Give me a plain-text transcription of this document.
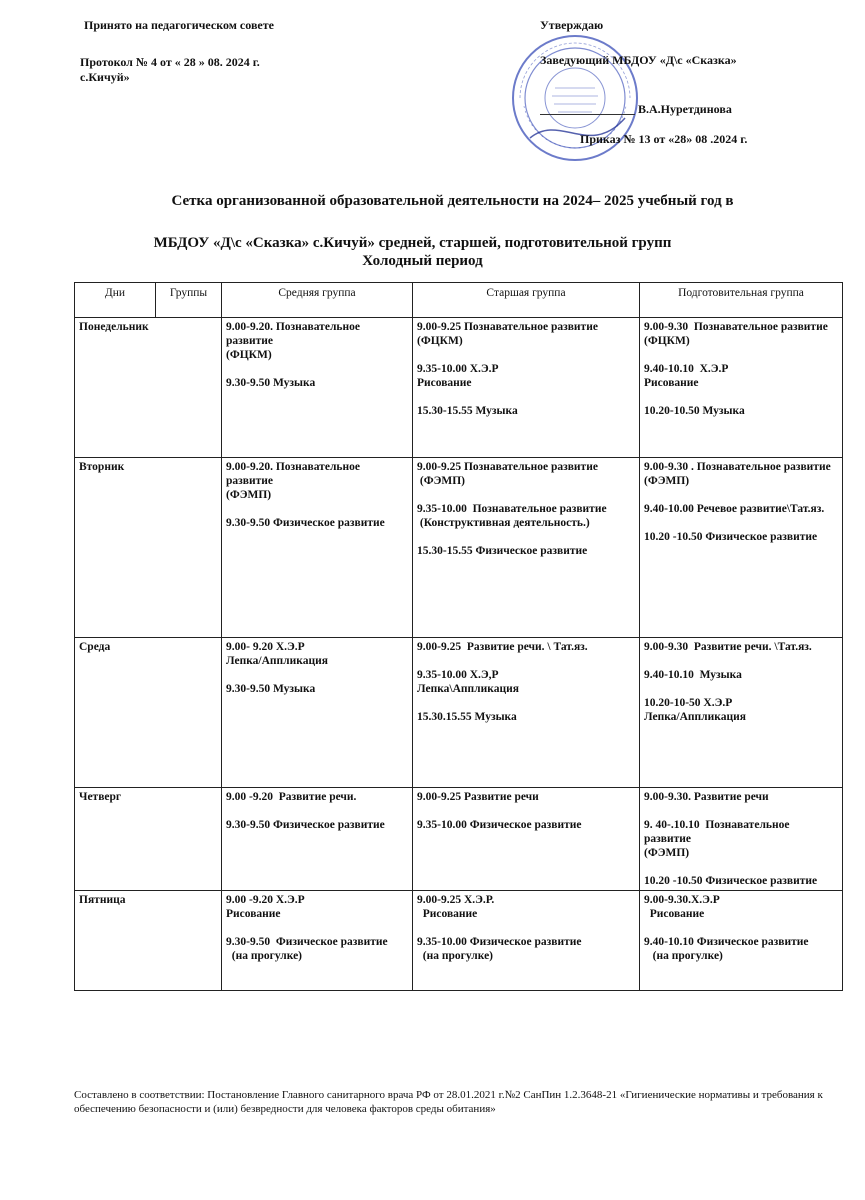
Принято на педагогическом совете
Протокол № 4 от « 28 » 08. 2024 г.
с.Кичуй»
Утверждаю
Заведующий МБДОУ «Д\с «Сказка»
В.А.Нуретдинова
Приказ № 13 от «28» 08 .2024 г.
Сетка организованной образовательной деятельности на 2024– 2025 учебный год в
МБДОУ «Д\с «Сказка» с.Кичуй» средней, старшей, подготовительной групп
Холодный период
Дни	Группы	Средняя группа	Старшая группа	Подготовительная группа
Понедельник		9.00-9.20. Познавательное развитие
(ФЦКМ)
9.30-9.50 Музыка	9.00-9.25 Познавательное развитие
(ФЦКМ)
9.35-10.00 Х.Э.Р
Рисование
15.30-15.55 Музыка	9.00-9.30  Познавательное развитие
(ФЦКМ)
9.40-10.10  Х.Э.Р
Рисование
10.20-10.50 Музыка

Вторник		9.00-9.20. Познавательное развитие
(ФЭМП)
9.30-9.50 Физическое развитие	9.00-9.25 Познавательное развитие
(ФЭМП)
9.35-10.00  Познавательное развитие
(Конструктивная деятельность.)
15.30-15.55 Физическое развитие	9.00-9.30 . Познавательное развитие
(ФЭМП)
9.40-10.00 Речевое развитие\Тат.яз.
10.20 -10.50 Физическое развитие

Среда		9.00- 9.20 Х.Э.Р
Лепка/Аппликация
9.30-9.50 Музыка	9.00-9.25  Развитие речи. \ Тат.яз.
9.35-10.00 Х.Э,Р
Лепка\Аппликация
15.30.15.55 Музыка	9.00-9.30  Развитие речи. \Тат.яз.
9.40-10.10  Музыка
10.20-10-50 Х.Э.Р
Лепка/Аппликация

Четверг		9.00 -9.20  Развитие речи.
9.30-9.50 Физическое развитие	9.00-9.25 Развитие речи
9.35-10.00 Физическое развитие	9.00-9.30. Развитие речи
9. 40-.10.10  Познавательное развитие
(ФЭМП)
10.20 -10.50 Физическое развитие

Пятница		9.00 -9.20 Х.Э.Р
Рисование
9.30-9.50  Физическое развитие
(на прогулке)	9.00-9.25 Х.Э.Р.
Рисование
9.35-10.00 Физическое развитие
(на прогулке)	9.00-9.30.Х.Э.Р
Рисование
9.40-10.10 Физическое развитие
(на прогулке)
Составлено в соответствии: Постановление Главного санитарного врача РФ от 28.01.2021 г.№2 СанПин 1.2.3648-21 «Гигиенические нормативы и требования к обеспечению безопасности и (или) безвредности для человека факторов среды обитания»
